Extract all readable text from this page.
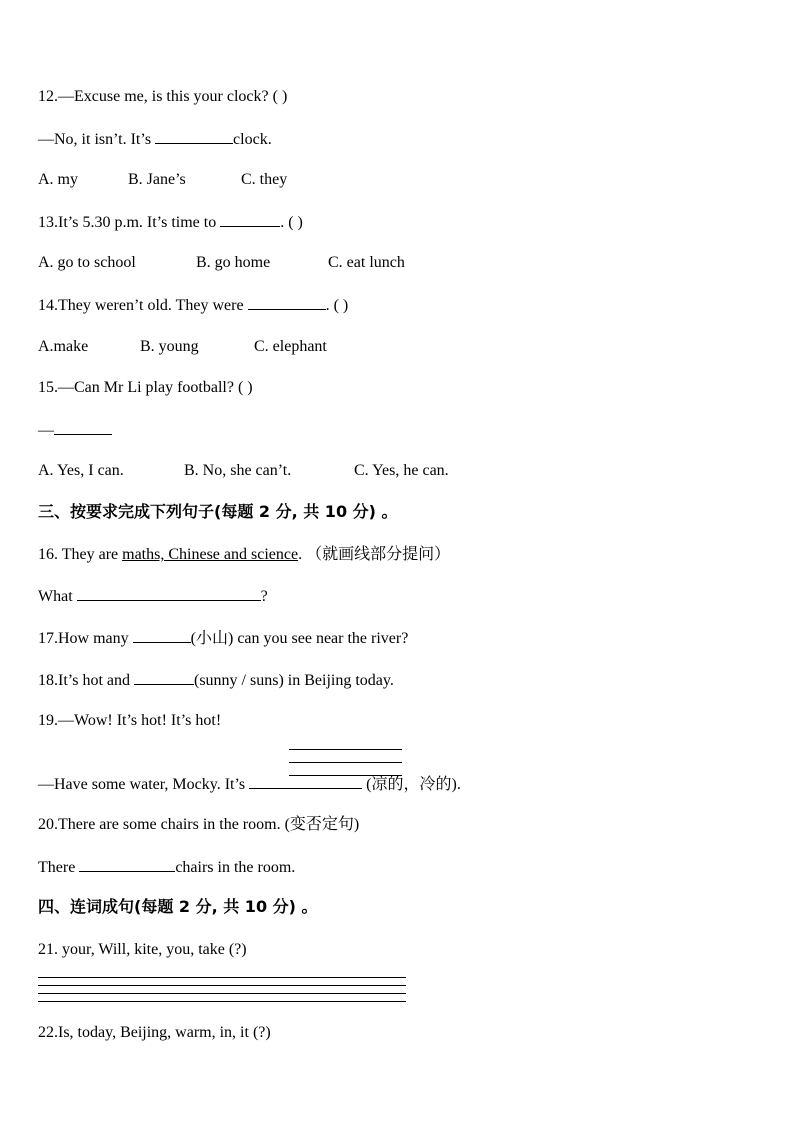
12.—Excuse me, is this your clock? ( )
—No, it isn’t. It’s	clock.
A. my	B. Jane’s	C. they
13.It’s 5.30 p.m. It’s time to	. ( )
A. go to school	B. go home	C. eat lunch
14.They weren’t old. They were	. ( )
A.make	B. young	C. elephant
15.—Can Mr Li play football? ( )
—
A. Yes, I can.	B. No, she can’t.	C. Yes, he can.
三、按要求完成下列句子(每题 2 分, 共 10 分) 。
16. They are maths, Chinese and science. （就画线部分提问）
What	?
17.How many	(小山) can you see near the river?
18.It’s hot and	(sunny / suns) in Beijing today.
19.—Wow! It’s hot! It’s hot!
—Have some water, Mocky. It’s	(凉的，冷的).
20.There are some chairs in the room. (变否定句)
There	chairs in the room.
四、连词成句(每题 2 分, 共 10 分) 。
21. your, Will, kite, you, take (?)
22.Is, today, Beijing, warm, in, it (?)
